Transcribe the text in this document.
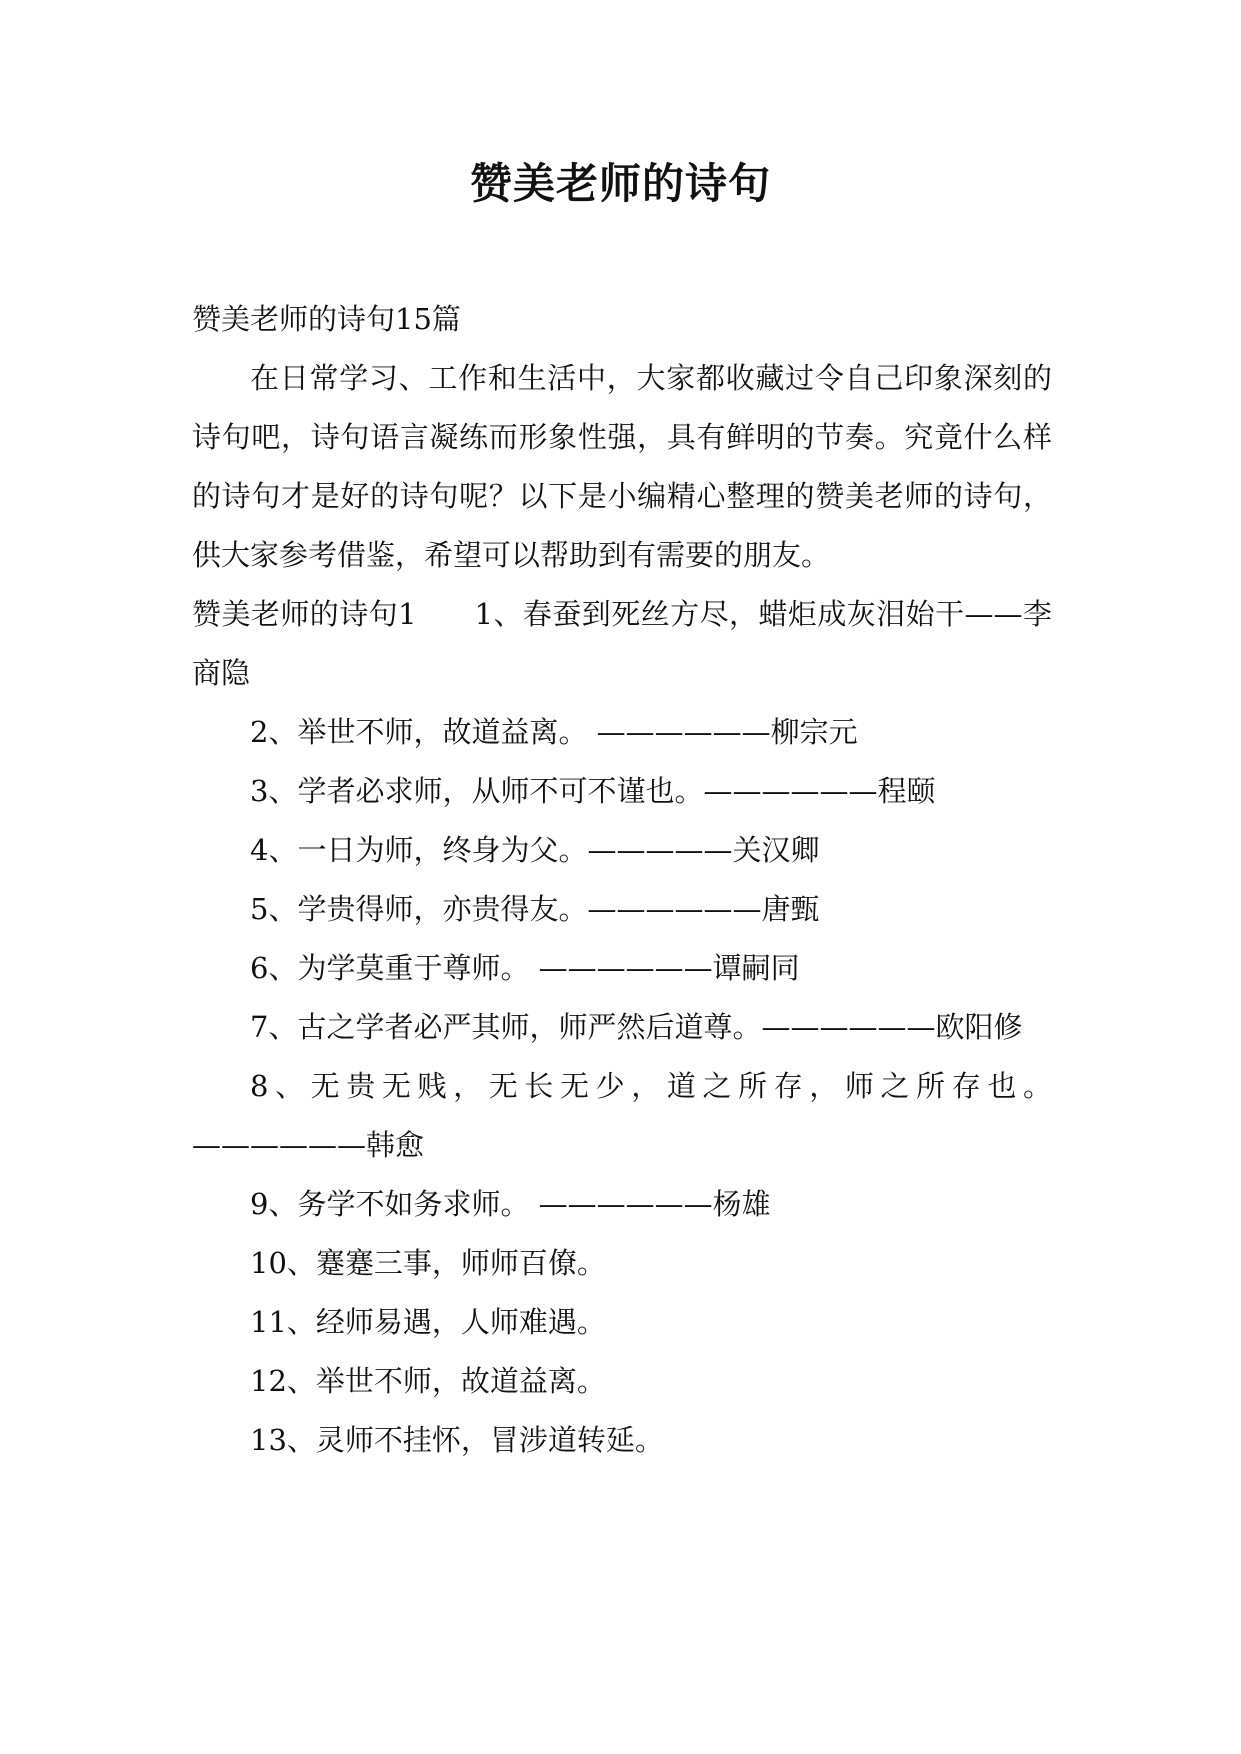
赞美老师的诗句

赞美老师的诗句15篇

在日常学习、工作和生活中，大家都收藏过令自己印象深刻的诗句吧，诗句语言凝练而形象性强，具有鲜明的节奏。究竟什么样的诗句才是好的诗句呢？以下是小编精心整理的赞美老师的诗句，供大家参考借鉴，希望可以帮助到有需要的朋友。

赞美老师的诗句1 1、春蚕到死丝方尽，蜡炬成灰泪始干——李商隐

2、举世不师，故道益离。 ——————柳宗元

3、学者必求师，从师不可不谨也。——————程颐

4、一日为师，终身为父。—————关汉卿

5、学贵得师，亦贵得友。——————唐甄

6、为学莫重于尊师。 ——————谭嗣同

7、古之学者必严其师，师严然后道尊。——————欧阳修

8、无贵无贱，无长无少，道之所存，师之所存也。——————韩愈

9、务学不如务求师。 ——————杨雄

10、蹇蹇三事，师师百僚。

11、经师易遇，人师难遇。

12、举世不师，故道益离。

13、灵师不挂怀，冒涉道转延。
